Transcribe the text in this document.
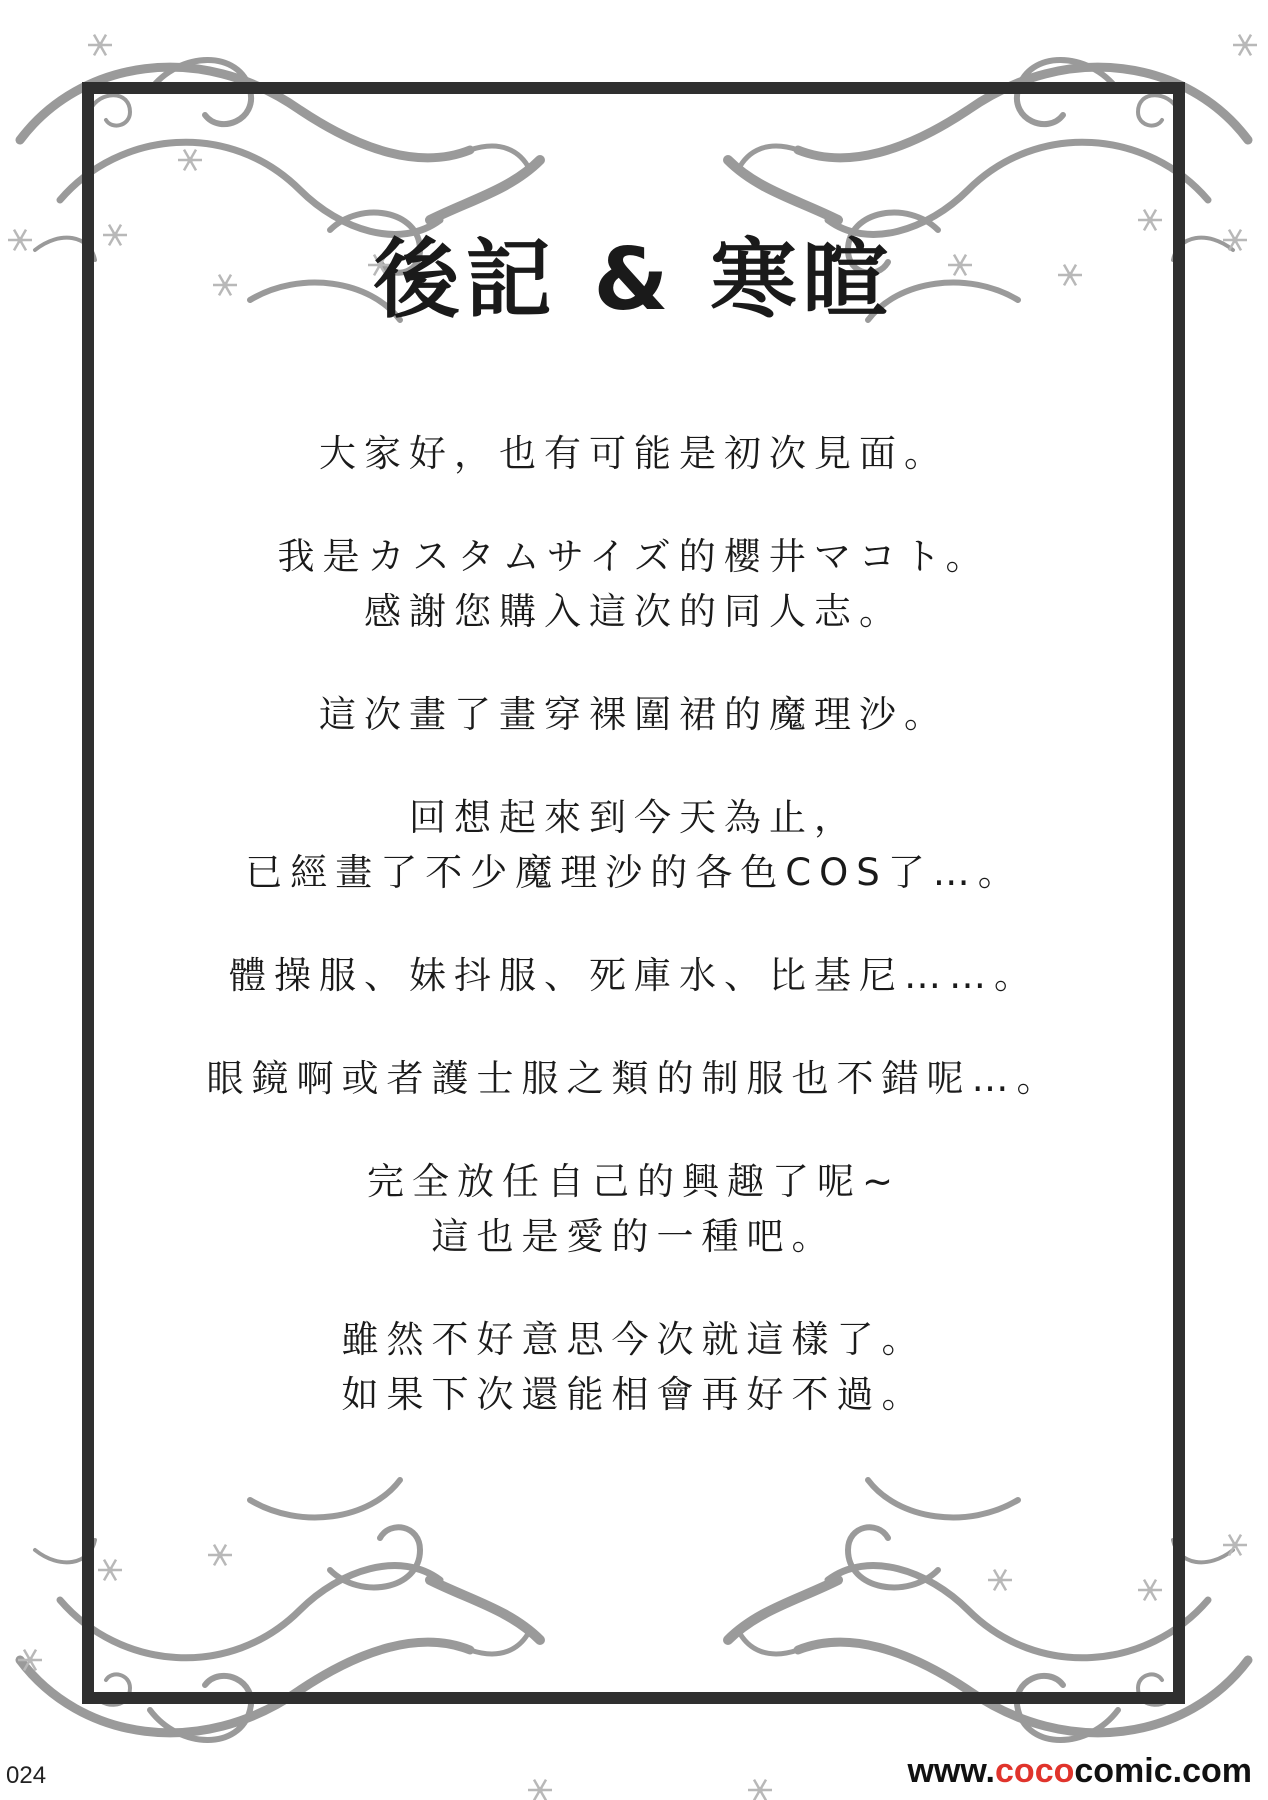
後記 & 寒暄
大家好，也有可能是初次見面。
我是カスタムサイズ的櫻井マコト。
感謝您購入這次的同人志。
這次畫了畫穿裸圍裙的魔理沙。
回想起來到今天為止，
已經畫了不少魔理沙的各色COS了…。
體操服、妹抖服、死庫水、比基尼……。
眼鏡啊或者護士服之類的制服也不錯呢…。
完全放任自己的興趣了呢~
這也是愛的一種吧。
雖然不好意思今次就這樣了。
如果下次還能相會再好不過。
024	www.cococomic.com
